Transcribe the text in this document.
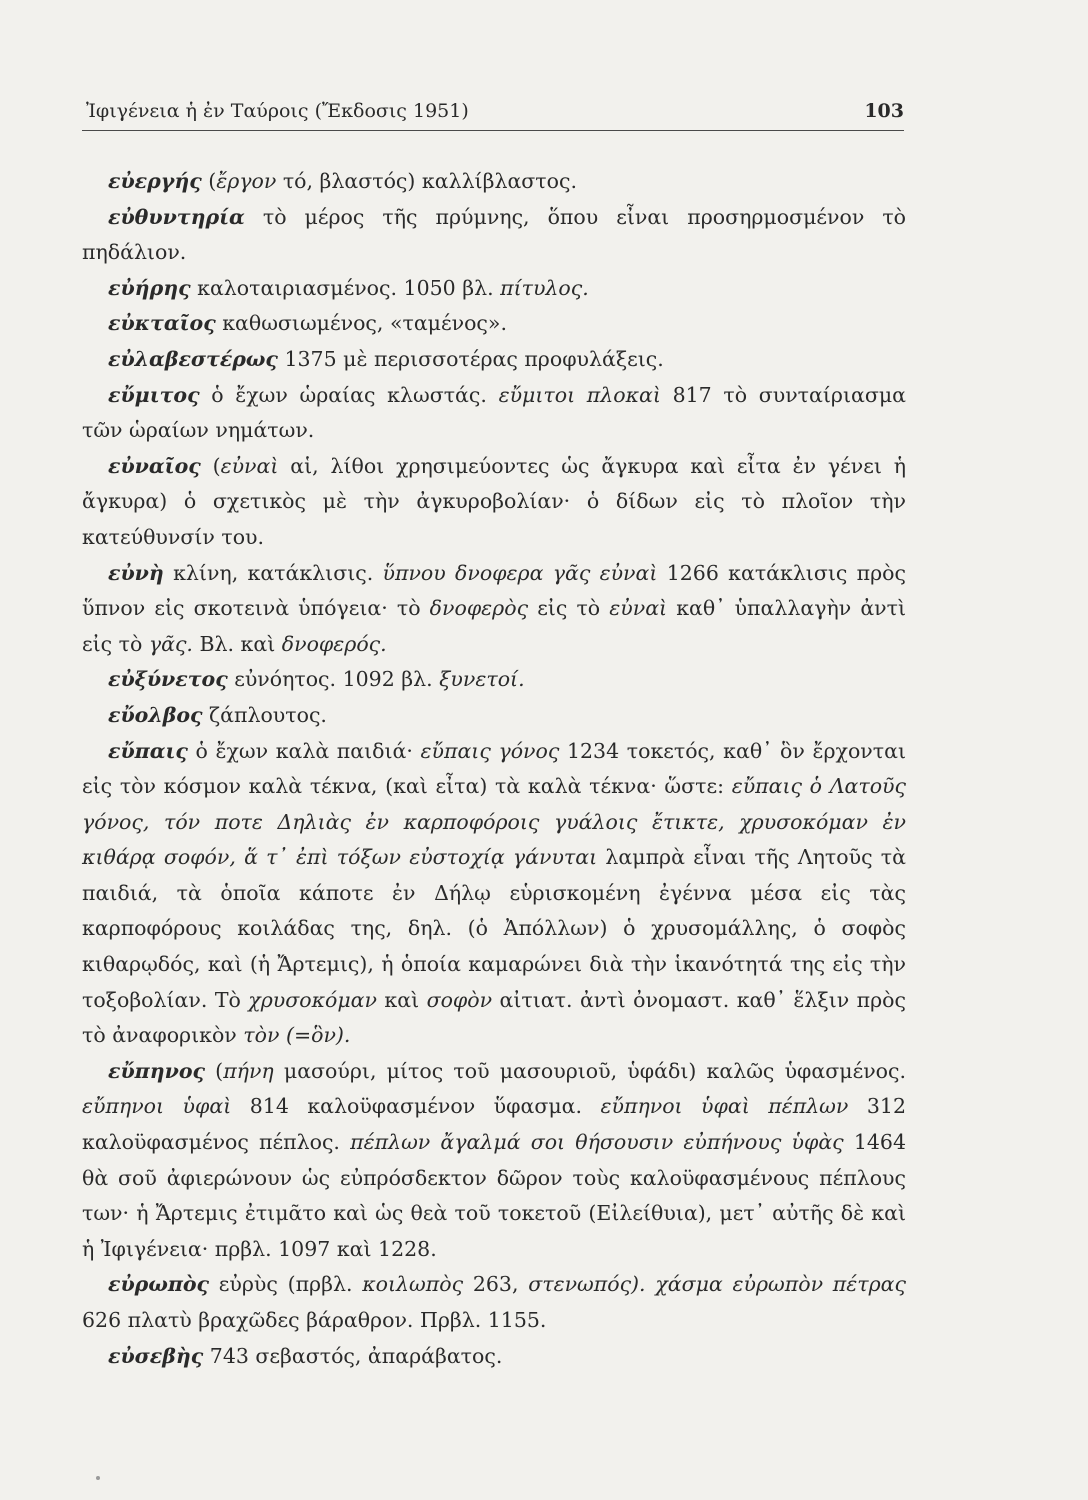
Ἰφιγένεια ἡ ἐν Ταύροις (Ἔκδοσις 1951)	103

εὐεργής (ἔργον τό, βλαστός) καλλίβλαστος.

εὐθυντηρία τὸ μέρος τῆς πρύμνης, ὅπου εἶναι προσηρμοσμένον τὸ πηδάλιον.

εὐήρης καλοταιριασμένος. 1050 βλ. πίτυλος.

εὐκταῖος καθωσιωμένος, «ταμένος».

εὐλαβεστέρως 1375 μὲ περισσοτέρας προφυλάξεις.

εὔμιτος ὁ ἔχων ὡραίας κλωστάς. εὔμιτοι πλοκαὶ 817 τὸ συνταίριασμα τῶν ὡραίων νημάτων.

εὐναῖος (εὐναὶ αἱ, λίθοι χρησιμεύοντες ὡς ἄγκυρα καὶ εἶτα ἐν γένει ἡ ἄγκυρα) ὁ σχετικὸς μὲ τὴν ἀγκυροβολίαν· ὁ δίδων εἰς τὸ πλοῖον τὴν κατεύθυνσίν του.

εὐνὴ κλίνη, κατάκλισις. ὕπνου δνοφερα γᾶς εὐναὶ 1266 κατάκλισις πρὸς ὕπνον εἰς σκοτεινὰ ὑπόγεια· τὸ δνοφερὸς εἰς τὸ εὐναὶ καθ᾽ ὑπαλλαγὴν ἀντὶ εἰς τὸ γᾶς. Βλ. καὶ δνοφερός.

εὐξύνετος εὐνόητος. 1092 βλ. ξυνετοί.

εὔολβος ζάπλουτος.

εὔπαις ὁ ἔχων καλὰ παιδιά· εὔπαις γόνος 1234 τοκετός, καθ᾽ ὃν ἔρχονται εἰς τὸν κόσμον καλὰ τέκνα, (καὶ εἶτα) τὰ καλὰ τέκνα· ὥστε: εὔπαις ὁ Λατοῦς γόνος, τόν ποτε Δηλιὰς ἐν καρποφόροις γυάλοις ἔτικτε, χρυσοκόμαν ἐν κιθάρᾳ σοφόν, ἅ τ᾽ ἐπὶ τόξων εὐστοχίᾳ γάνυται λαμπρὰ εἶναι τῆς Λητοῦς τὰ παιδιά, τὰ ὁποῖα κάποτε ἐν Δήλῳ εὑρισκομένη ἐγέννα μέσα εἰς τὰς καρποφόρους κοιλάδας της, δηλ. (ὁ Ἀπόλλων) ὁ χρυσομάλλης, ὁ σοφὸς κιθαρῳδός, καὶ (ἡ Ἄρτεμις), ἡ ὁποία καμαρώνει διὰ τὴν ἱκανότητά της εἰς τὴν τοξοβολίαν. Τὸ χρυσοκόμαν καὶ σοφὸν αἰτιατ. ἀντὶ ὀνομαστ. καθ᾽ ἕλξιν πρὸς τὸ ἀναφορικὸν τὸν (=ὃν).

εὔπηνος (πήνη μασούρι, μίτος τοῦ μασουριοῦ, ὑφάδι) καλῶς ὑφασμένος. εὔπηνοι ὑφαὶ 814 καλοϋφασμένον ὕφασμα. εὔπηνοι ὑφαὶ πέπλων 312 καλοϋφασμένος πέπλος. πέπλων ἄγαλμά σοι θήσουσιν εὐπήνους ὑφὰς 1464 θὰ σοῦ ἀφιερώνουν ὡς εὐπρόσδεκτον δῶρον τοὺς καλοϋφασμένους πέπλους των· ἡ Ἄρτεμις ἐτιμᾶτο καὶ ὡς θεὰ τοῦ τοκετοῦ (Εἰλείθυια), μετ᾽ αὐτῆς δὲ καὶ ἡ Ἰφιγένεια· πρβλ. 1097 καὶ 1228.

εὐρωπὸς εὐρὺς (πρβλ. κοιλωπὸς 263, στενωπός). χάσμα εὐρωπὸν πέτρας 626 πλατὺ βραχῶδες βάραθρον. Πρβλ. 1155.

εὐσεβὴς 743 σεβαστός, ἀπαράβατος.
